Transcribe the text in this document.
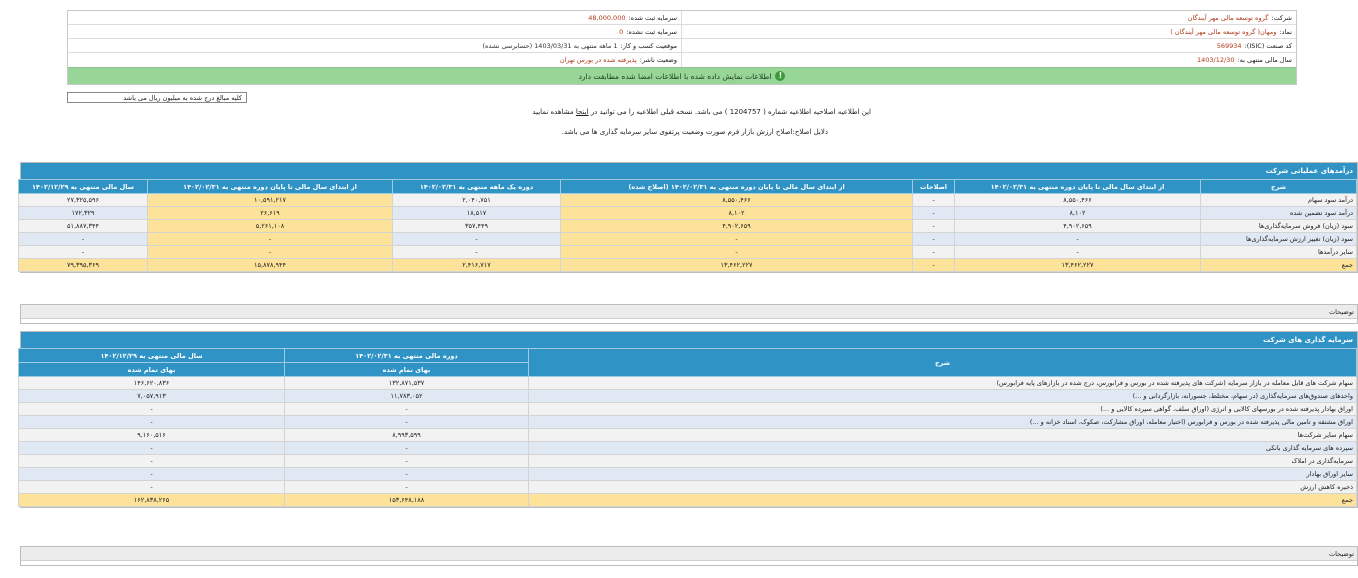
شرکت:
گروه توسعه مالی مهر آیندگان
سرمایه ثبت شده:
48,000,000
نماد:
ومهان( گروه توسعه مالی مهر آیندگان )
سرمایه ثبت نشده:
0
کد صنعت (ISIC):
569934
موقعیت کسب و کار:
1 ماهه منتهی به 1403/03/31 (حسابرسی نشده)
سال مالی منتهی به:
1403/12/30
وضعیت ناشر:
پذیرفته شده در بورس تهران
!
اطلاعات نمایش داده شده با اطلاعات امضا شده مطابقت دارد
کلیه مبالغ درج شده به میلیون ریال می باشد
این اطلاعیه اصلاحیه اطلاعیه شماره ( 1204757 ) می باشد. نسخه قبلی اطلاعیه را می توانید در اینجا مشاهده نمایید
دلایل اصلاح:اصلاح ارزش بازار فرم صورت وضعیت پرتفوی سایر سرمایه گذاری ها می باشد.
درآمدهای عملیاتی شرکت
شرح	از ابتدای سال مالی تا پایان دوره منتهی به ۱۴۰۲/۰۲/۳۱	اصلاحات	از ابتدای سال مالی تا پایان دوره منتهی به ۱۴۰۲/۰۲/۳۱ (اصلاح شده)	دوره یک ماهه منتهی به ۱۴۰۲/۰۲/۳۱	از ابتدای سال مالی تا پایان دوره منتهی به ۱۴۰۲/۰۲/۳۱	سال مالی منتهی به ۱۴۰۲/۱۲/۲۹
درآمد سود سهام	۸,۵۵۰,۴۶۶	-	۸,۵۵۰,۴۶۶	۲,۰۴۰,۷۵۱	۱۰,۵۹۱,۲۱۷	۲۷,۳۲۵,۵۹۶
درآمد سود تضمین شده	۸,۱۰۲	-	۸,۱۰۲	۱۸,۵۱۷	۲۶,۶۱۹	۱۷۲,۳۲۹
سود (زیان) فروش سرمایه‌گذاری‌ها	۴,۹۰۲,۶۵۹	-	۴,۹۰۲,۶۵۹	۳۵۷,۴۴۹	۵,۲۶۱,۱۰۸	۵۱,۸۸۷,۳۴۴
سود (زیان) تغییر ارزش سرمایه‌گذاری‌ها	-	-	-	-	-	-
سایر درآمدها	-	-	-	-	-	-
جمع	۱۳,۴۶۲,۲۲۷	-	۱۳,۴۶۲,۲۲۷	۲,۴۱۶,۷۱۷	۱۵,۸۷۸,۹۴۴	۷۹,۳۹۵,۳۶۹
توضیحات
سرمایه گذاری های شرکت
شرح	دوره مالی منتهی به ۱۴۰۲/۰۲/۳۱	سال مالی منتهی به ۱۴۰۲/۱۲/۲۹
	بهای تمام شده	بهای تمام شده
سهام شرکت های قابل معامله در بازار سرمایه (شرکت های پذیرفته شده در بورس و فرابورس، درج شده در بازارهای پایه فرابورس)	۱۳۲,۸۷۱,۵۳۷	۱۴۶,۶۲۰,۸۳۶
واحدهای صندوق‌های سرمایه‌گذاری (در سهام، مختلط، جسورانه، بازارگردانی و ...)	۱۱,۷۸۳,۰۵۲	۷,۰۵۷,۹۱۳
اوراق بهادار پذیرفته شده در بورسهای کالایی و انرژی (اوراق سلف، گواهی سپرده کالایی و ...)	-	-
اوراق مشتقه و تامین مالی پذیرفته شده در بورس و فرابورس (اختیار معامله، اوراق مشارکت، صکوک، اسناد خزانه و ...)	-	-
سهام سایر شرکت‌ها	۸,۹۹۳,۵۹۹	۹,۱۶۰,۵۱۶
سپرده های سرمایه گذاری بانکی	-	-
سرمایه‌گذاری در املاک	-	-
سایر اوراق بهادار	-	-
ذخیره کاهش ارزش	-	-
جمع	۱۵۳,۶۴۸,۱۸۸	۱۶۲,۸۳۸,۲۶۵
توضیحات
